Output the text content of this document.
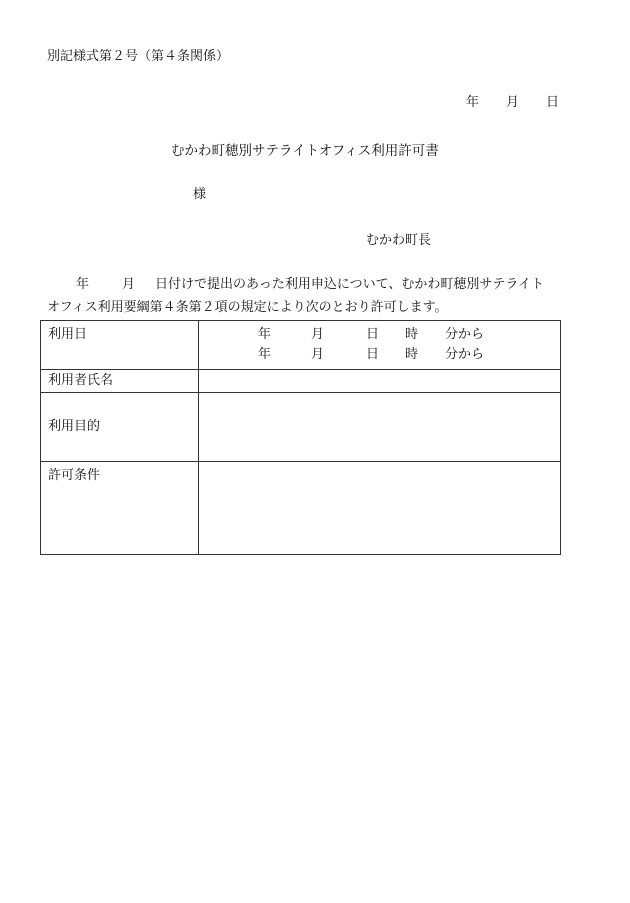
別記様式第２号（第４条関係）
年 月 日
むかわ町穂別サテライトオフィス利用許可書
様
むかわ町長
年	月 日付けで提出のあった利用申込について、むかわ町穂別サテライト
オフィス利用要綱第４条第２項の規定により次のとおり許可します。
利用日	年 月 日 時 分から
年 月 日 時 分から

利用者氏名	
利用目的	
許可条件	
